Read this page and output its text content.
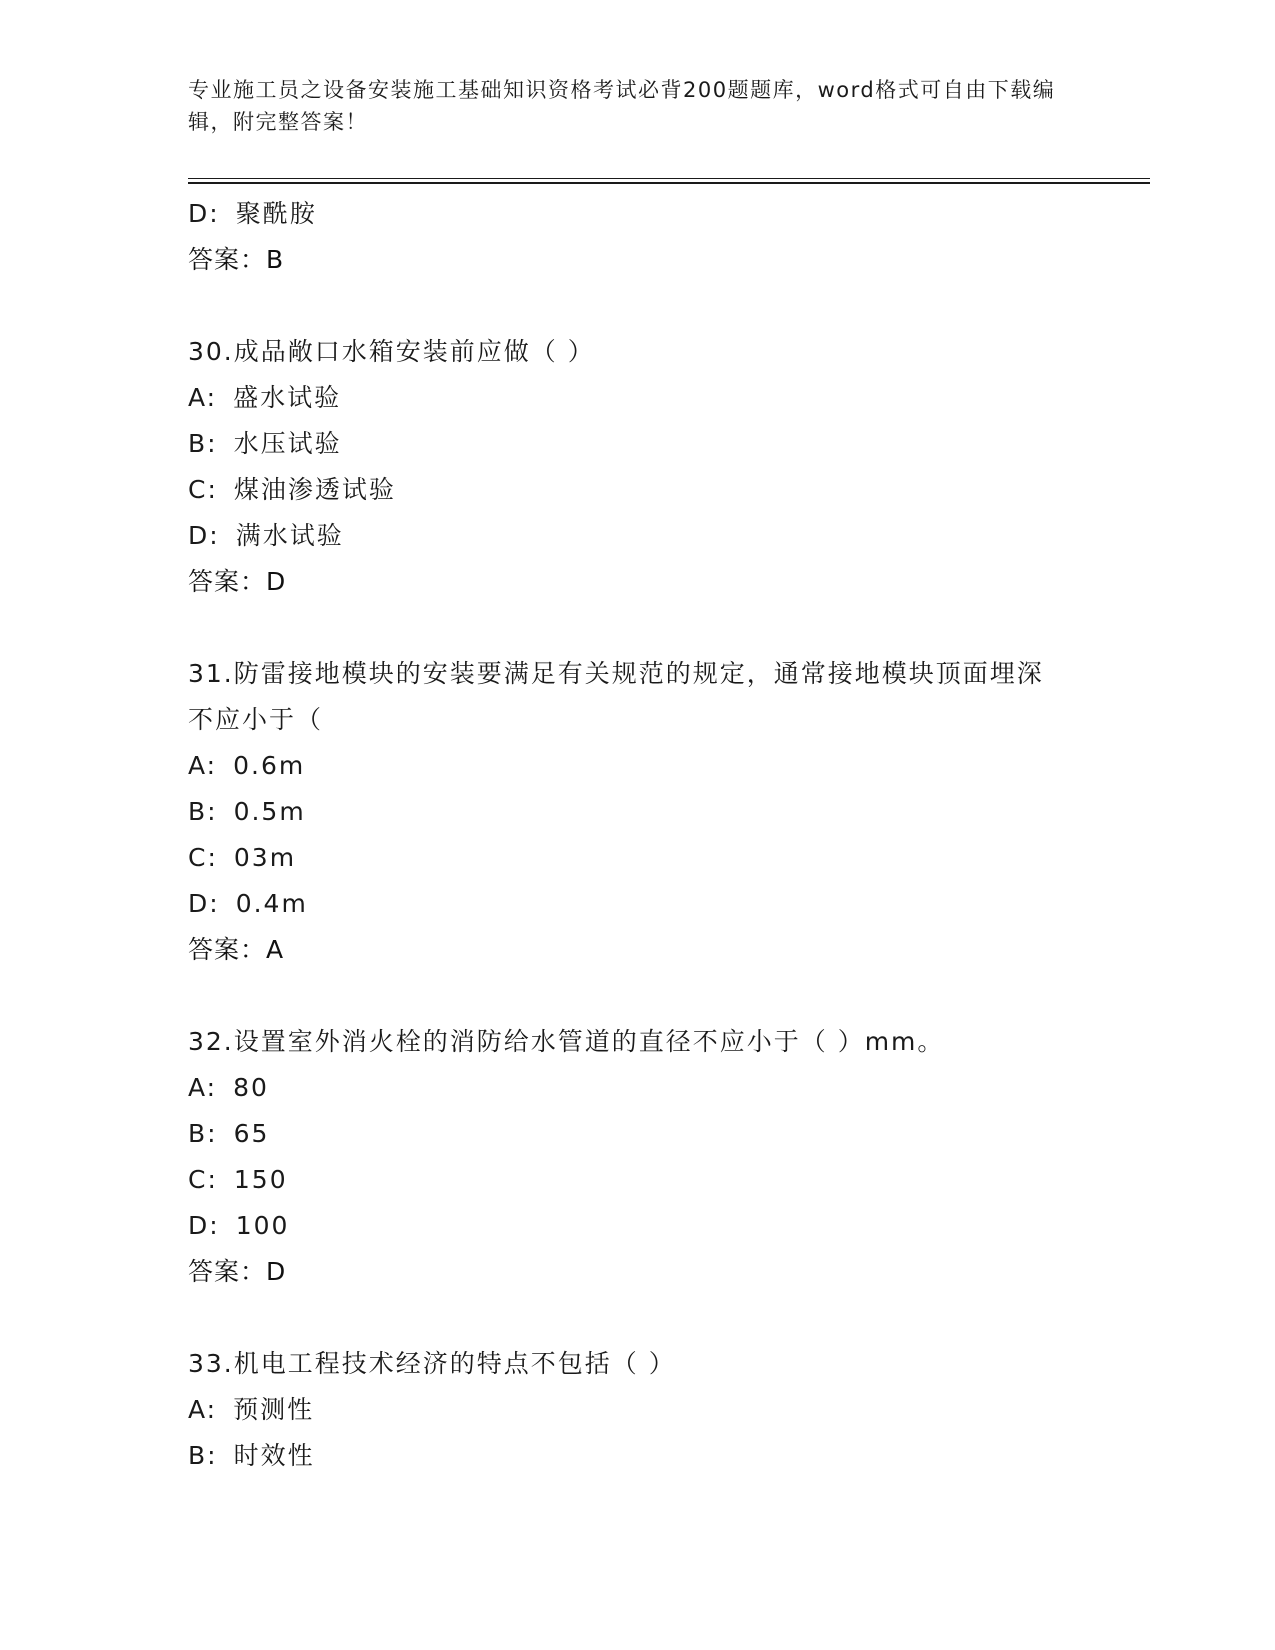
专业施工员之设备安装施工基础知识资格考试必背200题题库，word格式可自由下载编辑，附完整答案！
D: 聚酰胺
答案：B
30.成品敞口水箱安装前应做（ ）
A: 盛水试验
B: 水压试验
C: 煤油渗透试验
D: 满水试验
答案：D
31.防雷接地模块的安装要满足有关规范的规定，通常接地模块顶面埋深不应小于（
A: 0.6m
B: 0.5m
C: 03m
D: 0.4m
答案：A
32.设置室外消火栓的消防给水管道的直径不应小于（ ）mm。
A: 80
B: 65
C: 150
D: 100
答案：D
33.机电工程技术经济的特点不包括（ ）
A: 预测性
B: 时效性
